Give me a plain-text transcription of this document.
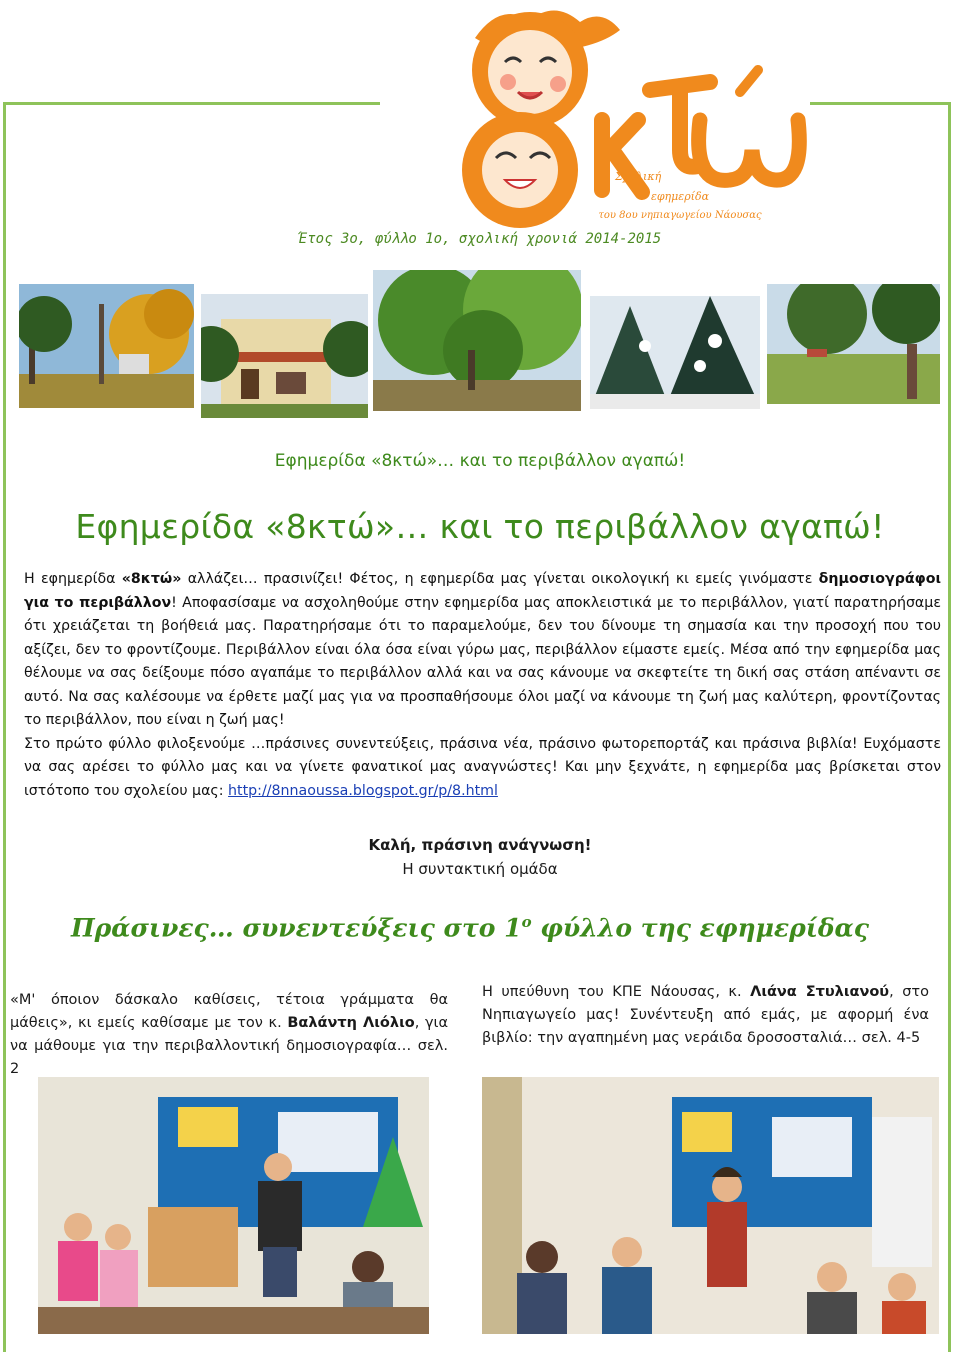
Σχολική
εφημερίδα
του 8ου νηπιαγωγείου Νάουσας
Έτος 3ο, φύλλο 1ο, σχολική χρονιά 2014-2015
Εφημερίδα «8κτώ»… και το περιβάλλον αγαπώ!
Εφημερίδα «8κτώ»… και το περιβάλλον αγαπώ!

Η εφημερίδα «8κτώ» αλλάζει… πρασινίζει! Φέτος, η εφημερίδα μας γίνεται οικολογική κι εμείς γινόμαστε δημοσιογράφοι για το περιβάλλον! Αποφασίσαμε να ασχοληθούμε στην εφημερίδα μας αποκλειστικά με το περιβάλλον, γιατί παρατηρήσαμε ότι χρειάζεται τη βοήθειά μας. Παρατηρήσαμε ότι το παραμελούμε, δεν του δίνουμε τη σημασία και την προσοχή που του αξίζει, δεν το φροντίζουμε. Περιβάλλον είναι όλα όσα είναι γύρω μας, περιβάλλον είμαστε εμείς. Μέσα από την εφημερίδα μας θέλουμε να σας δείξουμε πόσο αγαπάμε το περιβάλλον αλλά και να σας κάνουμε να σκεφτείτε τη δική σας στάση απέναντι σε αυτό. Να σας καλέσουμε να έρθετε μαζί μας για να προσπαθήσουμε όλοι μαζί να κάνουμε τη ζωή μας καλύτερη, φροντίζοντας το περιβάλλον, που είναι η ζωή μας!

Στο πρώτο φύλλο φιλοξενούμε …πράσινες συνεντεύξεις, πράσινα νέα, πράσινο φωτορεπορτάζ και πράσινα βιβλία! Ευχόμαστε να σας αρέσει το φύλλο μας και να γίνετε φανατικοί μας αναγνώστες! Και μην ξεχνάτε, η εφημερίδα μας βρίσκεται στον ιστότοπο του σχολείου μας: http://8nnaoussa.blogspot.gr/p/8.html

Καλή, πράσινη ανάγνωση!
Η συντακτική ομάδα
Πράσινες… συνεντεύξεις στο $1^o$ φύλλο της εφημερίδας
«Μ' όποιον δάσκαλο καθίσεις, τέτοια γράμματα θα μάθεις», κι εμείς καθίσαμε με τον κ. Βαλάντη Λιόλιο, για να μάθουμε για την περιβαλλοντική δημοσιογραφία… σελ. 2
Η υπεύθυνη του ΚΠΕ Νάουσας, κ. Λιάνα Στυλιανού, στο Νηπιαγωγείο μας! Συνέντευξη από εμάς, με αφορμή ένα βιβλίο: την αγαπημένη μας νεράιδα δροσοσταλιά… σελ. 4-5
